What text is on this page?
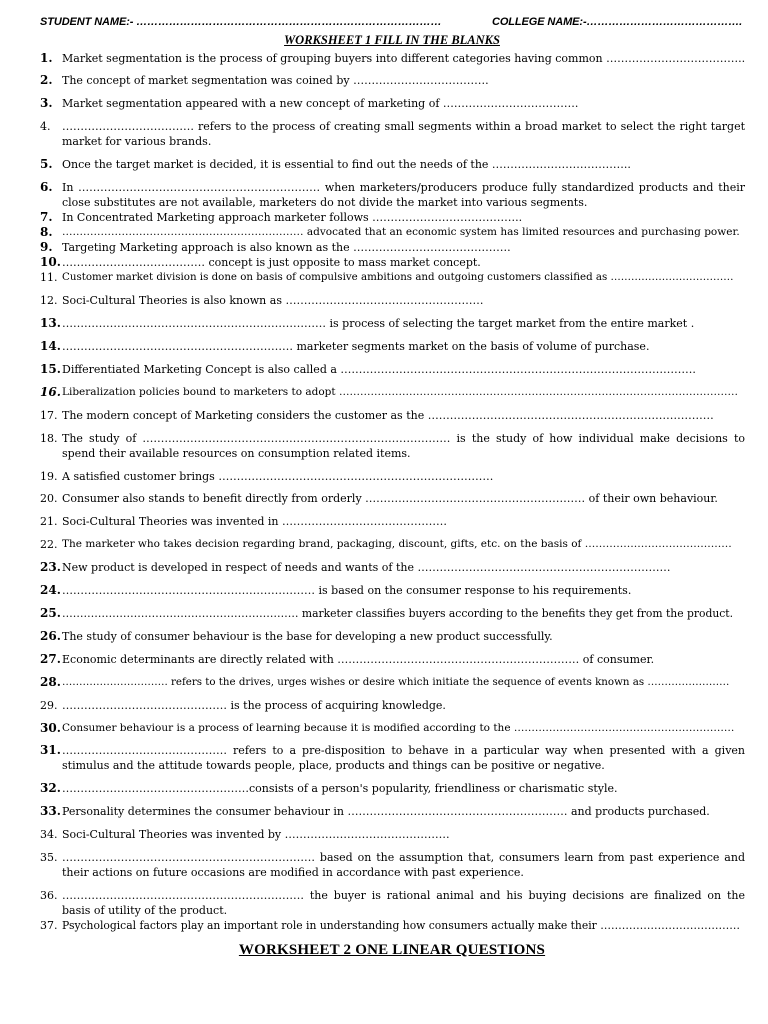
STUDENT NAME:- …………………………………………………………………………	COLLEGE NAME:-…………………………………….
WORKSHEET 1 FILL IN THE BLANKS
1. Market segmentation is the process of grouping buyers into different categories having common ………………………………..
2. The concept of market segmentation was coined by ……………………………….
3. Market segmentation appeared with a new concept of marketing of ……………………………….
4.	……………………………… refers to the process of creating small segments within a broad market to select the right target market for various brands.
5. Once the target market is decided, it is essential to find out the needs of the ………………………………..
6. In ………………………………………………………… when marketers/producers produce fully standardized products and their close substitutes are not available, marketers do not divide the market into various segments.
7. In Concentrated Marketing approach marketer follows …………………………………..
8. …………………………………………………………… advocated that an economic system has limited resources and purchasing power.
9. Targeting Marketing approach is also known as the …………………………………….
10. ………………………………… concept is just opposite to mass market concept.
11. Customer market division is done on basis of compulsive ambitions and outgoing customers classified as ………………………………
12. Soci-Cultural Theories is also known as ………………………………………………
13. ……………………………………………………………… is process of selecting the target market from the entire market .
14. ……………………………………………………… marketer segments market on the basis of volume of purchase.
15. Differentiated Marketing Concept is also called a …………………………………………………………………………………….
16. Liberalization policies bound to marketers to adopt ……………………………………………………………………………………………………
17. The modern concept of Marketing considers the customer as the ……………………………………………………………………
18. The study of ………………………………………………………………………… is the study of how individual make decisions to spend their available resources on consumption related items.
19. A satisfied customer brings …………………………………………………………………
20. Consumer also stands to benefit directly from orderly …………………………………………………… of their own behaviour.
21. Soci-Cultural Theories was invented in ………………………………………
22. The marketer who takes decision regarding brand, packaging, discount, gifts, etc. on the basis of ……………………………………
23. New product is developed in respect of needs and wants of the ……………………………………………………………
24. …………………………………………………………… is based on the consumer response to his requirements.
25. ………………………………………………………… marketer classifies buyers according to the benefits they get from the product.
26. The study of consumer behaviour is the base for developing a new product successfully.
27. Economic determinants are directly related with ………………………………………………………… of consumer.
28. …………………………. refers to the drives, urges wishes or desire which initiate the sequence of events known as ……………………
29. ……………………………………… is the process of acquiring knowledge.
30. Consumer behaviour is a process of learning because it is modified according to the ………………………………………………………
31. ……………………………………… refers to a pre-disposition to behave in a particular way when presented with a given stimulus and the attitude towards people, place, products and things can be positive or negative.
32. ……………………………………………consists of a person's popularity, friendliness or charismatic style.
33. Personality determines the consumer behaviour in …………………………………………………… and products purchased.
34. Soci-Cultural Theories was invented by ………………………………………
35. …………………………………………………………… based on the assumption that, consumers learn from past experience and their actions on future occasions are modified in accordance with past experience.
36. ………………………………………………………… the buyer is rational animal and his buying decisions are finalized on the basis of utility of the product.
37. Psychological factors play an important role in understanding how consumers actually make their …………………………………
WORKSHEET 2 ONE LINEAR QUESTIONS
